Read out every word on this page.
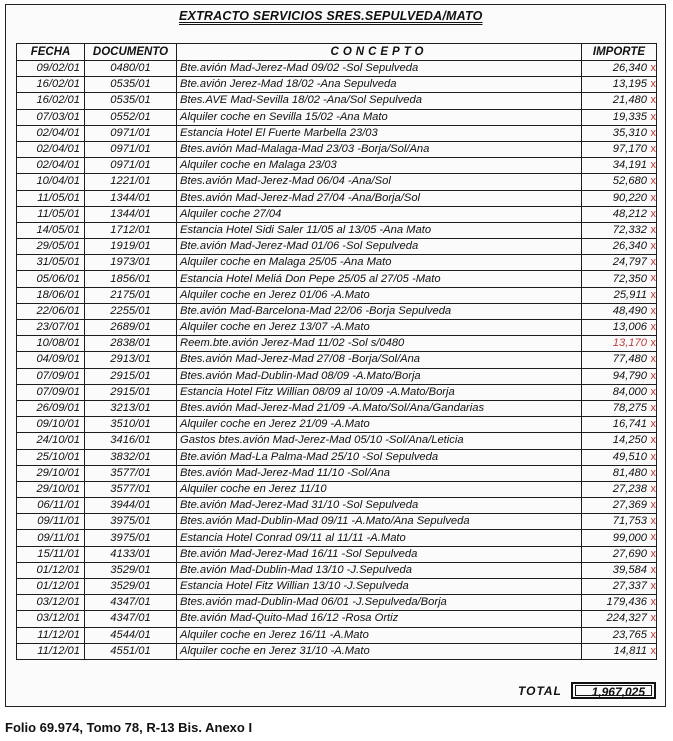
EXTRACTO SERVICIOS SRES.SEPULVEDA/MATO
FECHA	DOCUMENTO	CONCEPTO	IMPORTE
09/02/01	0480/01	Bte.avión Mad-Jerez-Mad 09/02 -Sol Sepulveda	26,340 x

16/02/01	0535/01	Bte.avión Jerez-Mad 18/02 -Ana Sepulveda	13,195 x

16/02/01	0535/01	Btes.AVE Mad-Sevilla 18/02 -Ana/Sol Sepulveda	21,480 x

07/03/01	0552/01	Alquiler coche en Sevilla 15/02 -Ana Mato	19,335 x

02/04/01	0971/01	Estancia Hotel El Fuerte Marbella 23/03	35,310 x

02/04/01	0971/01	Btes.avión Mad-Malaga-Mad 23/03 -Borja/Sol/Ana	97,170 x

02/04/01	0971/01	Alquiler coche en Malaga 23/03	34,191 x

10/04/01	1221/01	Btes.avión Mad-Jerez-Mad 06/04 -Ana/Sol	52,680 x

11/05/01	1344/01	Btes.avión Mad-Jerez-Mad 27/04 -Ana/Borja/Sol	90,220 x

11/05/01	1344/01	Alquiler coche 27/04	48,212 x

14/05/01	1712/01	Estancia Hotel Sidi Saler 11/05 al 13/05 -Ana Mato	72,332 x

29/05/01	1919/01	Bte.avión Mad-Jerez-Mad 01/06 -Sol Sepulveda	26,340 x

31/05/01	1973/01	Alquiler coche en Malaga 25/05 -Ana Mato	24,797 x

05/06/01	1856/01	Estancia Hotel Meliá Don Pepe 25/05 al 27/05 -Mato	72,350 x

18/06/01	2175/01	Alquiler coche en Jerez 01/06 -A.Mato	25,911 x

22/06/01	2255/01	Bte.avión Mad-Barcelona-Mad 22/06 -Borja Sepulveda	48,490 x

23/07/01	2689/01	Alquiler coche en Jerez 13/07 -A.Mato	13,006 x

10/08/01	2838/01	Reem.bte.avión Jerez-Mad 11/02 -Sol s/0480	13,170 x

04/09/01	2913/01	Btes.avión Mad-Jerez-Mad 27/08 -Borja/Sol/Ana	77,480 x

07/09/01	2915/01	Btes.avión Mad-Dublin-Mad 08/09 -A.Mato/Borja	94,790 x

07/09/01	2915/01	Estancia Hotel Fitz Willian 08/09 al 10/09 -A.Mato/Borja	84,000 x

26/09/01	3213/01	Btes.avión Mad-Jerez-Mad 21/09 -A.Mato/Sol/Ana/Gandarias	78,275 x

09/10/01	3510/01	Alquiler coche en Jerez 21/09 -A.Mato	16,741 x

24/10/01	3416/01	Gastos btes.avión Mad-Jerez-Mad 05/10 -Sol/Ana/Leticia	14,250 x

25/10/01	3832/01	Bte.avión Mad-La Palma-Mad 25/10 -Sol Sepulveda	49,510 x

29/10/01	3577/01	Btes.avión Mad-Jerez-Mad 11/10 -Sol/Ana	81,480 x

29/10/01	3577/01	Alquiler coche en Jerez 11/10	27,238 x

06/11/01	3944/01	Bte.avión Mad-Jerez-Mad 31/10 -Sol Sepulveda	27,369 x

09/11/01	3975/01	Btes.avión Mad-Dublin-Mad 09/11 -A.Mato/Ana Sepulveda	71,753 x

09/11/01	3975/01	Estancia Hotel Conrad 09/11 al 11/11 -A.Mato	99,000 x

15/11/01	4133/01	Bte.avión Mad-Jerez-Mad 16/11 -Sol Sepulveda	27,690 x

01/12/01	3529/01	Bte.avión Mad-Dublin-Mad 13/10 -J.Sepulveda	39,584 x

01/12/01	3529/01	Estancia Hotel Fitz Willian 13/10 -J.Sepulveda	27,337 x

03/12/01	4347/01	Btes.avión mad-Dublin-Mad 06/01 -J.Sepulveda/Borja	179,436 x

03/12/01	4347/01	Bte.avión Mad-Quito-Mad 16/12 -Rosa Ortiz	224,327 x

11/12/01	4544/01	Alquiler coche en Jerez 16/11 -A.Mato	23,765 x

11/12/01	4551/01	Alquiler coche en Jerez 31/10 -A.Mato	14,811 x
TOTAL 1,967,025
Folio 69.974, Tomo 78, R-13 Bis. Anexo I
